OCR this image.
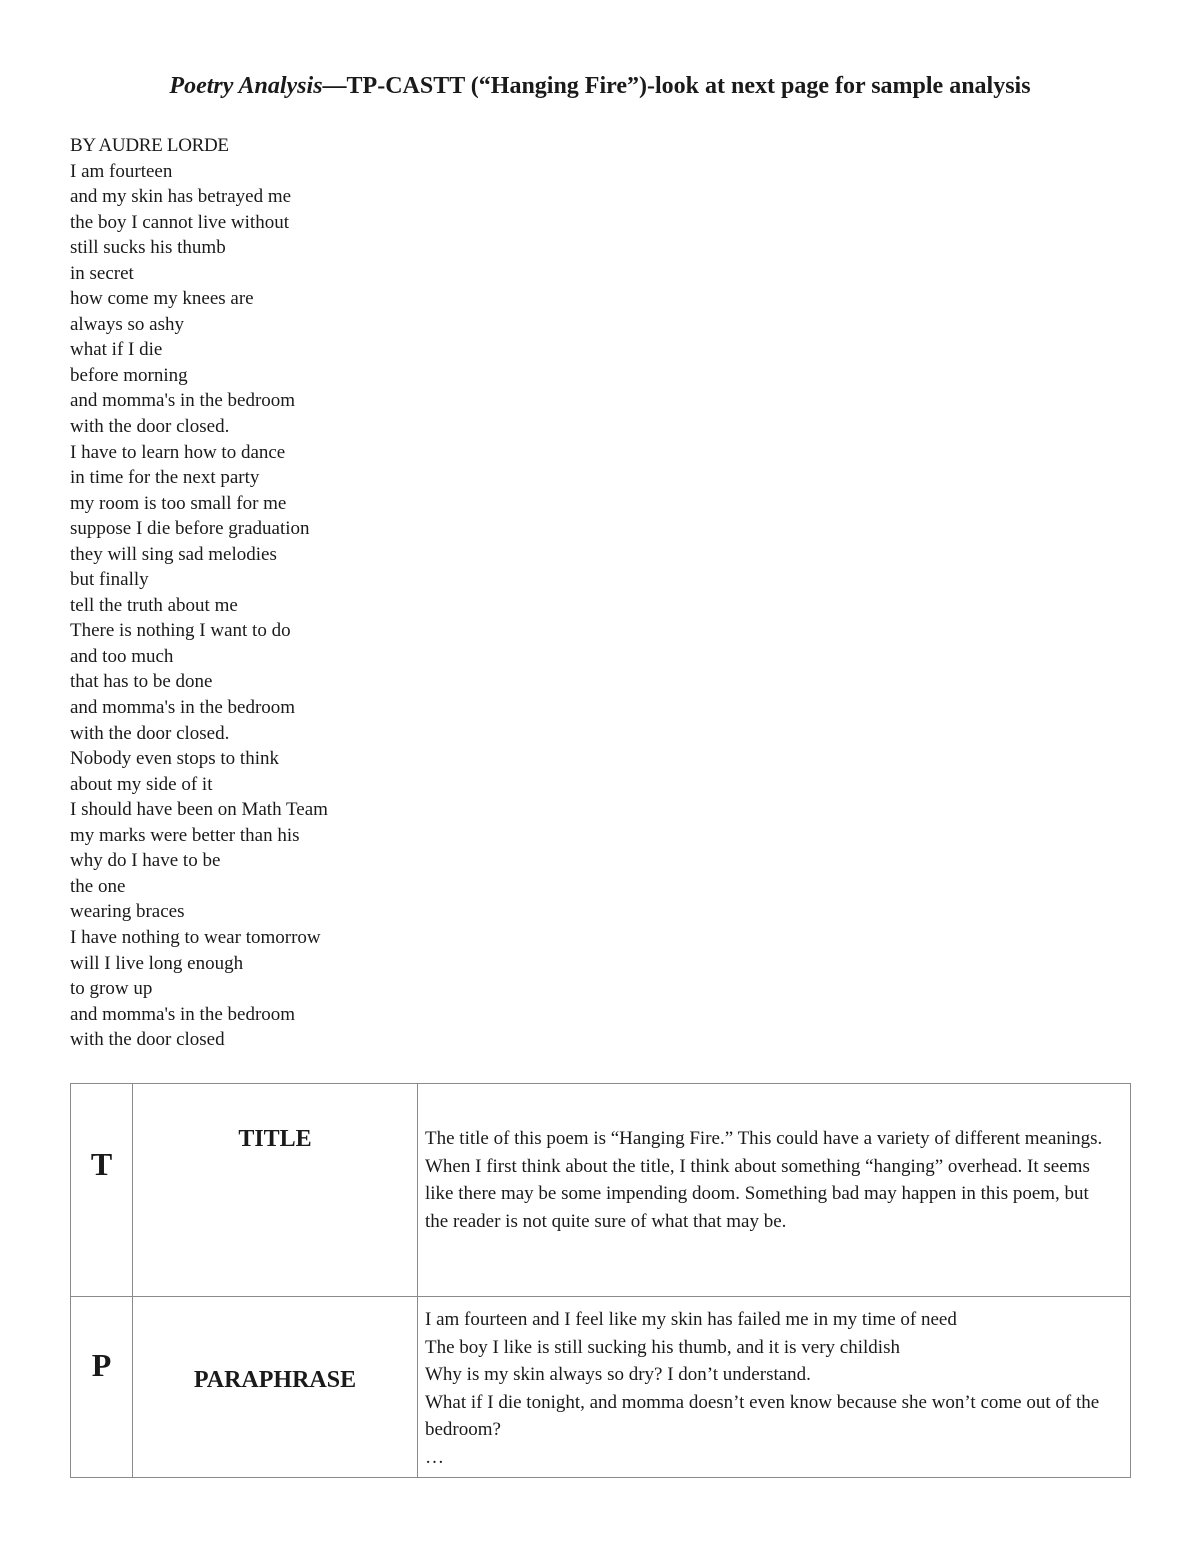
Poetry Analysis—TP-CASTT (“Hanging Fire”)-look at next page for sample analysis
BY AUDRE LORDE
I am fourteen
and my skin has betrayed me
the boy I cannot live without
still sucks his thumb
in secret
how come my knees are
always so ashy
what if I die
before morning
and momma's in the bedroom
with the door closed.
I have to learn how to dance
in time for the next party
my room is too small for me
suppose I die before graduation
they will sing sad melodies
but finally
tell the truth about me
There is nothing I want to do
and too much
that has to be done
and momma's in the bedroom
with the door closed.
Nobody even stops to think
about my side of it
I should have been on Math Team
my marks were better than his
why do I have to be
the one
wearing braces
I have nothing to wear tomorrow
will I live long enough
to grow up
and momma's in the bedroom
with the door closed
T	TITLE	The title of this poem is “Hanging Fire.” This could have a variety of different meanings. When I first think about the title, I think about something “hanging” overhead. It seems like there may be some impending doom. Something bad may happen in this poem, but the reader is not quite sure of what that may be.

P	PARAPHRASE	I am fourteen and I feel like my skin has failed me in my time of need
The boy I like is still sucking his thumb, and it is very childish
Why is my skin always so dry? I don’t understand.
What if I die tonight, and momma doesn’t even know because she won’t come out of the bedroom?
…
